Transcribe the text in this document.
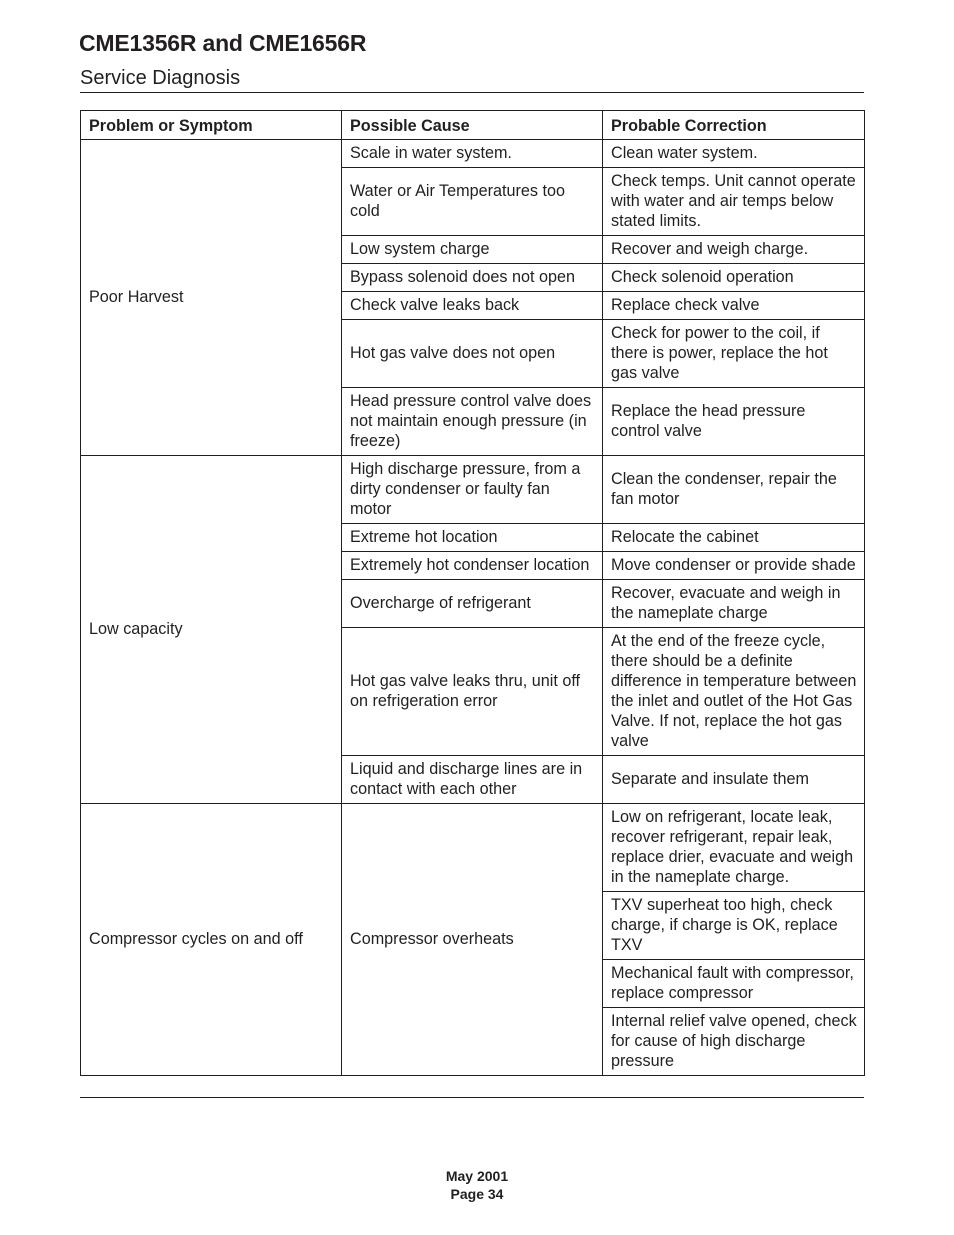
CME1356R and CME1656R
Service Diagnosis
Problem or Symptom	Possible Cause	Probable Correction
Poor Harvest	Scale in water system.	Clean water system.
	Water or Air Temperatures too cold	Check temps. Unit cannot operate with water and air temps below stated limits.
	Low system charge	Recover and weigh charge.
	Bypass solenoid does not open	Check solenoid operation
	Check valve leaks back	Replace check valve
	Hot gas valve does not open	Check for power to the coil, if there is power, replace the hot gas valve
	Head pressure control valve does not maintain enough pressure (in freeze)	Replace the head pressure control valve
Low capacity	High discharge pressure, from a dirty condenser or faulty fan motor	Clean the condenser, repair the fan motor
	Extreme hot location	Relocate the cabinet
	Extremely hot condenser location	Move condenser or provide shade
	Overcharge of refrigerant	Recover, evacuate and weigh in the nameplate charge
	Hot gas valve leaks thru, unit off on refrigeration error	At the end of the freeze cycle, there should be a definite difference in temperature between the inlet and outlet of the Hot Gas Valve. If not, replace the hot gas valve
	Liquid and discharge lines are in contact with each other	Separate and insulate them
Compressor cycles on and off	Compressor overheats	Low on refrigerant, locate leak, recover refrigerant, repair leak, replace drier, evacuate and weigh in the nameplate charge.
		TXV superheat too high, check charge, if charge is OK, replace TXV
		Mechanical fault with compressor, replace compressor
		Internal relief valve opened, check for cause of high discharge pressure
May 2001
Page 34
